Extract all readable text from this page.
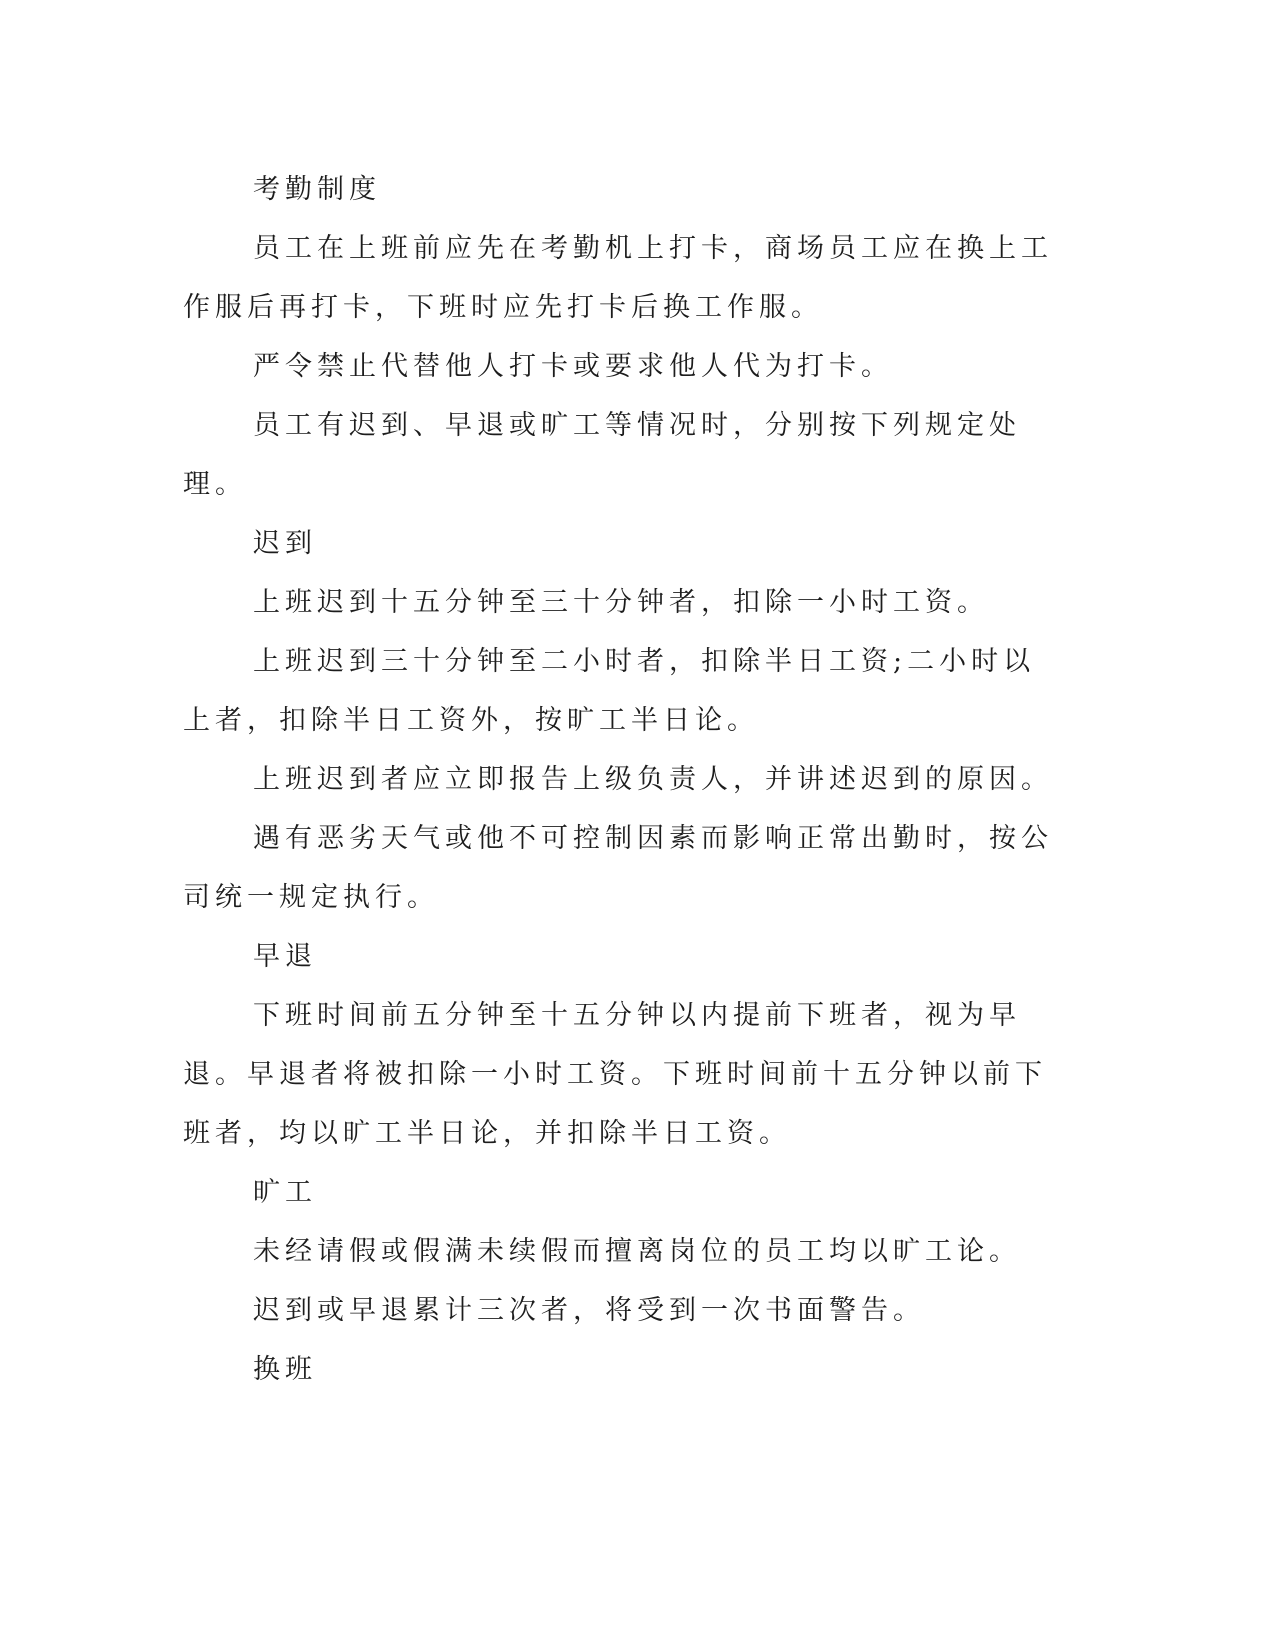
考勤制度

员工在上班前应先在考勤机上打卡，商场员工应在换上工作服后再打卡，下班时应先打卡后换工作服。

严令禁止代替他人打卡或要求他人代为打卡。

员工有迟到、早退或旷工等情况时，分别按下列规定处理。

迟到

上班迟到十五分钟至三十分钟者，扣除一小时工资。

上班迟到三十分钟至二小时者，扣除半日工资;二小时以上者，扣除半日工资外，按旷工半日论。

上班迟到者应立即报告上级负责人，并讲述迟到的原因。

遇有恶劣天气或他不可控制因素而影响正常出勤时，按公司统一规定执行。

早退

下班时间前五分钟至十五分钟以内提前下班者，视为早退。早退者将被扣除一小时工资。下班时间前十五分钟以前下班者，均以旷工半日论，并扣除半日工资。

旷工

未经请假或假满未续假而擅离岗位的员工均以旷工论。

迟到或早退累计三次者，将受到一次书面警告。

换班
